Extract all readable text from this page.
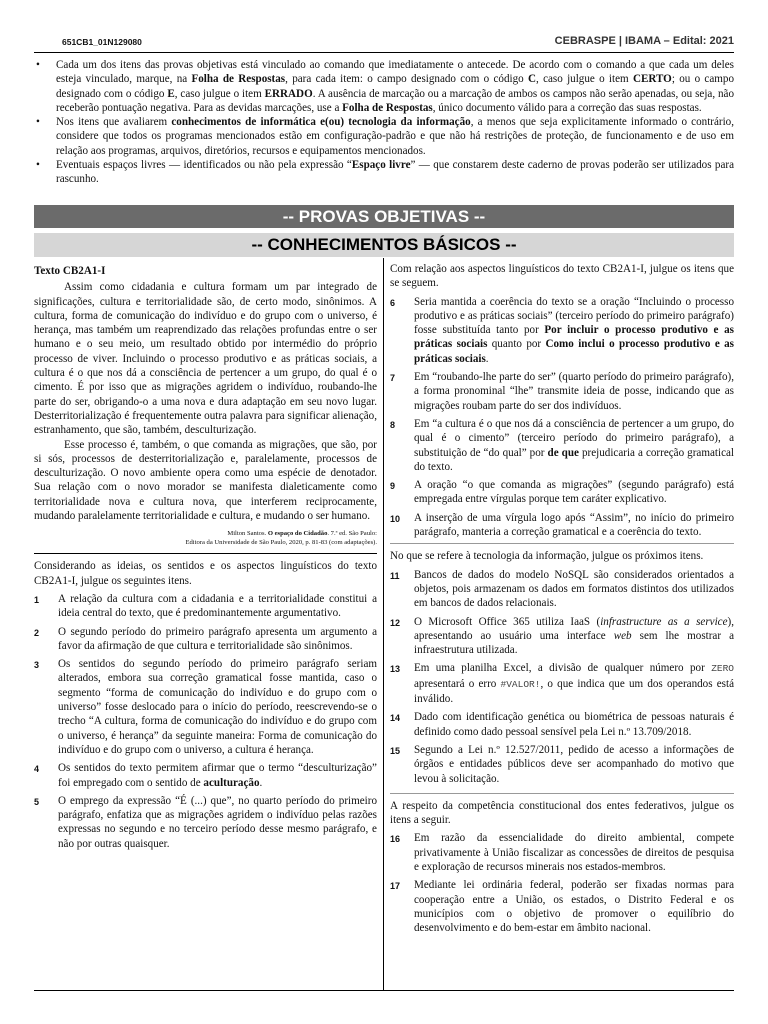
651CB1_01N129080	CEBRASPE | IBAMA – Edital: 2021
• Cada um dos itens das provas objetivas está vinculado ao comando que imediatamente o antecede. De acordo com o comando a que cada um deles esteja vinculado, marque, na Folha de Respostas, para cada item: o campo designado com o código C, caso julgue o item CERTO; ou o campo designado com o código E, caso julgue o item ERRADO. A ausência de marcação ou a marcação de ambos os campos não serão apenadas, ou seja, não receberão pontuação negativa. Para as devidas marcações, use a Folha de Respostas, único documento válido para a correção das suas respostas.
• Nos itens que avaliarem conhecimentos de informática e(ou) tecnologia da informação, a menos que seja explicitamente informado o contrário, considere que todos os programas mencionados estão em configuração-padrão e que não há restrições de proteção, de funcionamento e de uso em relação aos programas, arquivos, diretórios, recursos e equipamentos mencionados.
• Eventuais espaços livres — identificados ou não pela expressão “Espaço livre” — que constarem deste caderno de provas poderão ser utilizados para rascunho.
-- PROVAS OBJETIVAS --
-- CONHECIMENTOS BÁSICOS --
Texto CB2A1-I

Assim como cidadania e cultura formam um par integrado de significações, cultura e territorialidade são, de certo modo, sinônimos. A cultura, forma de comunicação do indivíduo e do grupo com o universo, é herança, mas também um reaprendizado das relações profundas entre o ser humano e o seu meio, um resultado obtido por intermédio do próprio processo de viver. Incluindo o processo produtivo e as práticas sociais, a cultura é o que nos dá a consciência de pertencer a um grupo, do qual é o cimento. É por isso que as migrações agridem o indivíduo, roubando-lhe parte do ser, obrigando-o a uma nova e dura adaptação em seu novo lugar. Desterritorialização é frequentemente outra palavra para significar alienação, estranhamento, que são, também, desculturização.

Esse processo é, também, o que comanda as migrações, que são, por si sós, processos de desterritorialização e, paralelamente, processos de desculturização. O novo ambiente opera como uma espécie de denotador. Sua relação com o novo morador se manifesta dialeticamente como territorialidade nova e cultura nova, que interferem reciprocamente, mudando paralelamente territorialidade e cultura, e mudando o ser humano.

Milton Santos. O espaço do Cidadão. 7.ª ed. São Paulo:
Editora da Universidade de São Paulo, 2020, p. 81-83 (com adaptações).

Considerando as ideias, os sentidos e os aspectos linguísticos do texto CB2A1-I, julgue os seguintes itens.

1 A relação da cultura com a cidadania e a territorialidade constitui a ideia central do texto, que é predominantemente argumentativo.
2 O segundo período do primeiro parágrafo apresenta um argumento a favor da afirmação de que cultura e territorialidade são sinônimos.
3 Os sentidos do segundo período do primeiro parágrafo seriam alterados, embora sua correção gramatical fosse mantida, caso o segmento “forma de comunicação do indivíduo e do grupo com o universo” fosse deslocado para o início do período, reescrevendo-se o trecho “A cultura, forma de comunicação do indivíduo e do grupo com o universo, é herança” da seguinte maneira: Forma de comunicação do indivíduo e do grupo com o universo, a cultura é herança.
4 Os sentidos do texto permitem afirmar que o termo “desculturização” foi empregado com o sentido de aculturação.
5 O emprego da expressão “É (...) que”, no quarto período do primeiro parágrafo, enfatiza que as migrações agridem o indivíduo pelas razões expressas no segundo e no terceiro período desse mesmo parágrafo, e não por outras quaisquer.

Com relação aos aspectos linguísticos do texto CB2A1-I, julgue os itens que se seguem.

6 Seria mantida a coerência do texto se a oração “Incluindo o processo produtivo e as práticas sociais” (terceiro período do primeiro parágrafo) fosse substituída tanto por Por incluir o processo produtivo e as práticas sociais quanto por Como inclui o processo produtivo e as práticas sociais.
7 Em “roubando-lhe parte do ser” (quarto período do primeiro parágrafo), a forma pronominal “lhe” transmite ideia de posse, indicando que as migrações roubam parte do ser dos indivíduos.
8 Em “a cultura é o que nos dá a consciência de pertencer a um grupo, do qual é o cimento” (terceiro período do primeiro parágrafo), a substituição de “do qual” por de que prejudicaria a correção gramatical do texto.
9 A oração “o que comanda as migrações” (segundo parágrafo) está empregada entre vírgulas porque tem caráter explicativo.
10 A inserção de uma vírgula logo após “Assim”, no início do primeiro parágrafo, manteria a correção gramatical e a coerência do texto.

No que se refere à tecnologia da informação, julgue os próximos itens.

11 Bancos de dados do modelo NoSQL são considerados orientados a objetos, pois armazenam os dados em formatos distintos dos utilizados em bancos de dados relacionais.
12 O Microsoft Office 365 utiliza IaaS (infrastructure as a service), apresentando ao usuário uma interface web sem lhe mostrar a infraestrutura utilizada.
13 Em uma planilha Excel, a divisão de qualquer número por ZERO apresentará o erro #VALOR!, o que indica que um dos operandos está inválido.
14 Dado com identificação genética ou biométrica de pessoas naturais é definido como dado pessoal sensível pela Lei n.º 13.709/2018.
15 Segundo a Lei n.º 12.527/2011, pedido de acesso a informações de órgãos e entidades públicos deve ser acompanhado do motivo que levou à solicitação.

A respeito da competência constitucional dos entes federativos, julgue os itens a seguir.

16 Em razão da essencialidade do direito ambiental, compete privativamente à União fiscalizar as concessões de direitos de pesquisa e exploração de recursos minerais nos estados-membros.
17 Mediante lei ordinária federal, poderão ser fixadas normas para cooperação entre a União, os estados, o Distrito Federal e os municípios com o objetivo de promover o equilíbrio do desenvolvimento e do bem-estar em âmbito nacional.
